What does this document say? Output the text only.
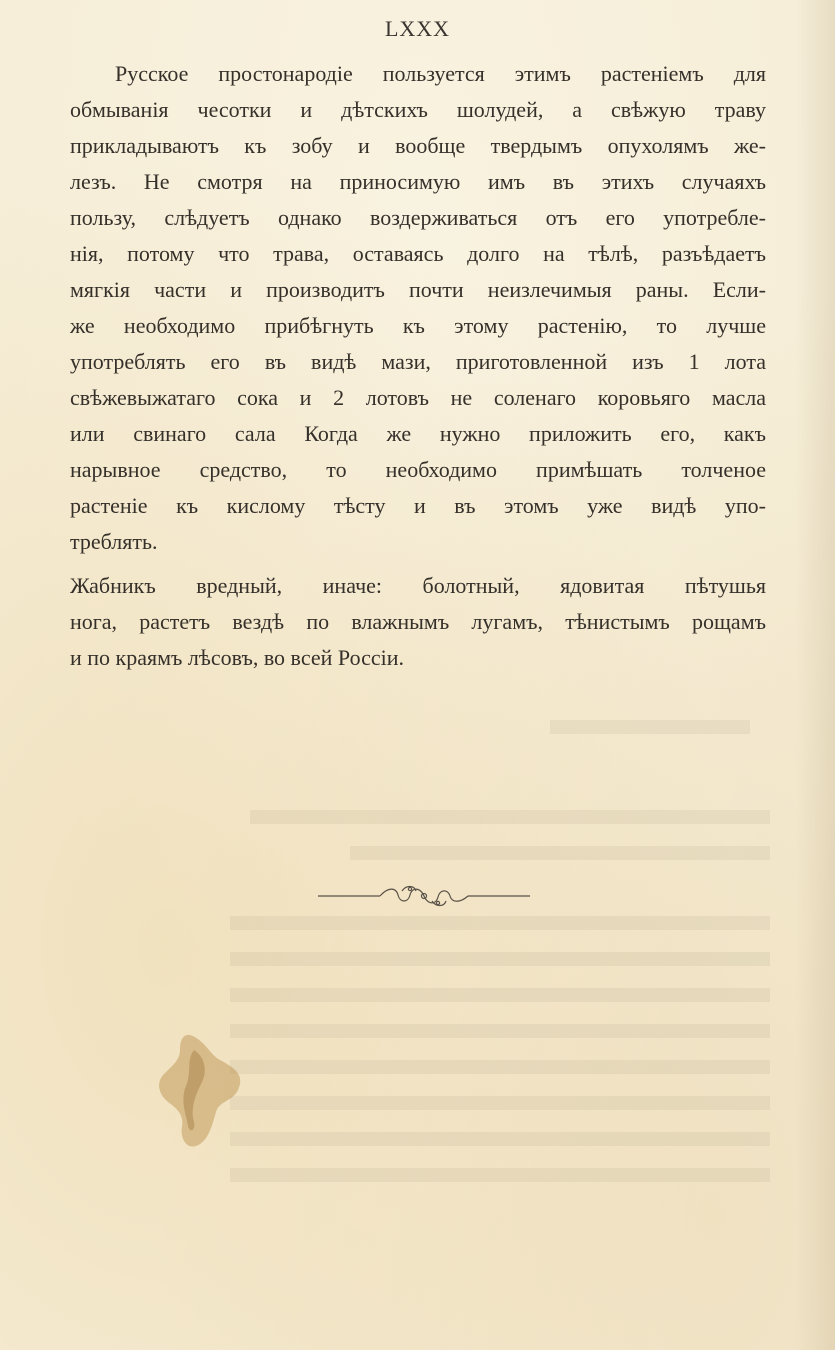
LXXX
Русское простонародіе пользуется этимъ растеніемъ для
обмыванія чесотки и дѣтскихъ шолудей, а свѣжую траву
прикладываютъ къ зобу и вообще твердымъ опухолямъ же-
лезъ. Не смотря на приносимую имъ въ этихъ случаяхъ
пользу, слѣдуетъ однако воздерживаться отъ его употребле-
нія, потому что трава, оставаясь долго на тѣлѣ, разъѣдаетъ
мягкія части и производитъ почти неизлечимыя раны. Если-
же необходимо прибѣгнуть къ этому растенію, то лучше
употреблять его въ видѣ мази, приготовленной изъ 1 лота
свѣжевыжатаго сока и 2 лотовъ не соленаго коровьяго масла
или свинаго сала Когда же нужно приложить его, какъ
нарывное средство, то необходимо примѣшать толченое
растеніе къ кислому тѣсту и въ этомъ уже видѣ упо-
треблять.
Жабникъ вредный, иначе: болотный, ядовитая пѣтушья
нога, растетъ вездѣ по влажнымъ лугамъ, тѣнистымъ рощамъ
и по краямъ лѣсовъ, во всей Россіи.
